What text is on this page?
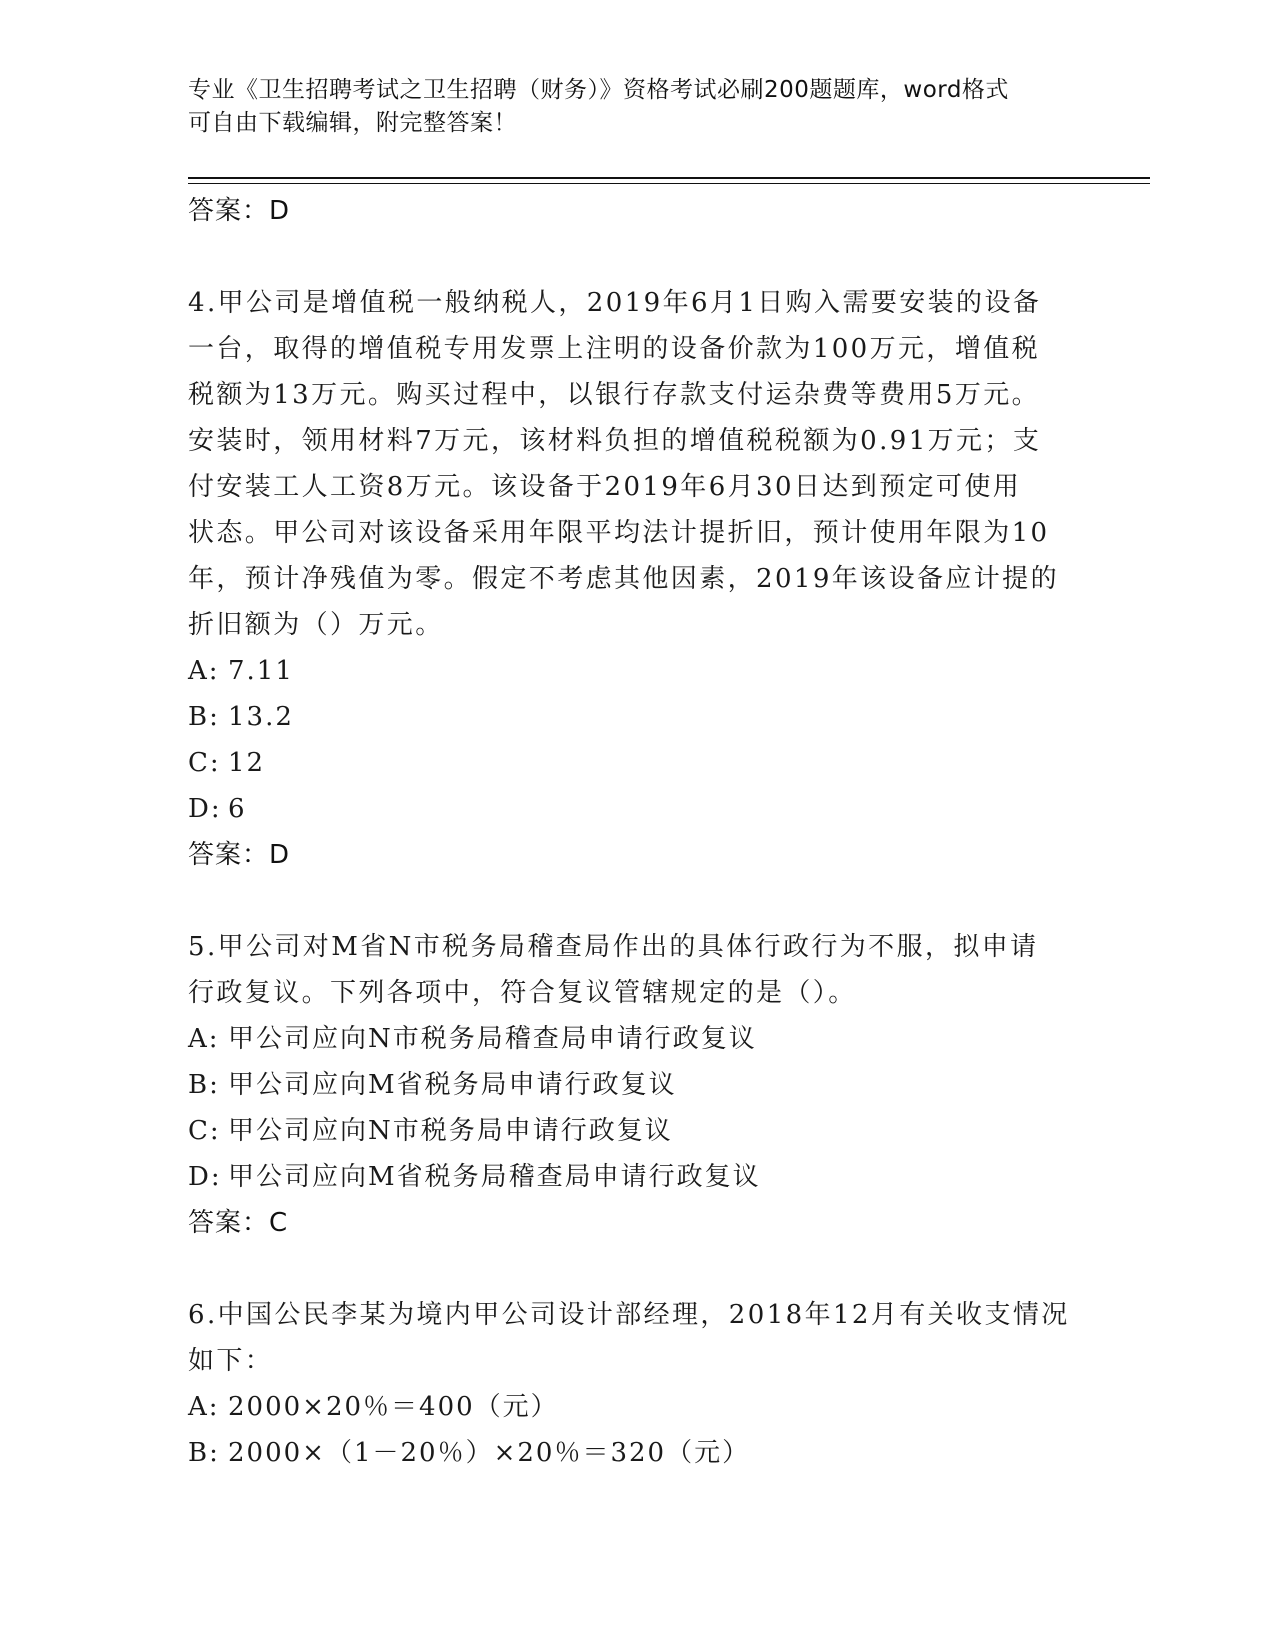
专业《卫生招聘考试之卫生招聘（财务）》资格考试必刷200题题库，word格式
可自由下载编辑，附完整答案！
答案：D
4.甲公司是增值税一般纳税人，2019年6月1日购入需要安装的设备
一台，取得的增值税专用发票上注明的设备价款为100万元，增值税
税额为13万元。购买过程中，以银行存款支付运杂费等费用5万元。
安装时，领用材料7万元，该材料负担的增值税税额为0.91万元；支
付安装工人工资8万元。该设备于2019年6月30日达到预定可使用
状态。甲公司对该设备采用年限平均法计提折旧，预计使用年限为10
年，预计净残值为零。假定不考虑其他因素，2019年该设备应计提的
折旧额为（）万元。
A: 7.11
B: 13.2
C: 12
D: 6
答案：D
5.甲公司对M省N市税务局稽查局作出的具体行政行为不服，拟申请
行政复议。下列各项中，符合复议管辖规定的是（）。
A: 甲公司应向N市税务局稽查局申请行政复议
B: 甲公司应向M省税务局申请行政复议
C: 甲公司应向N市税务局申请行政复议
D: 甲公司应向M省税务局稽查局申请行政复议
答案：C
6.中国公民李某为境内甲公司设计部经理，2018年12月有关收支情况
如下：
A: 2000×20％＝400（元）
B: 2000×（1－20％）×20％＝320（元）
